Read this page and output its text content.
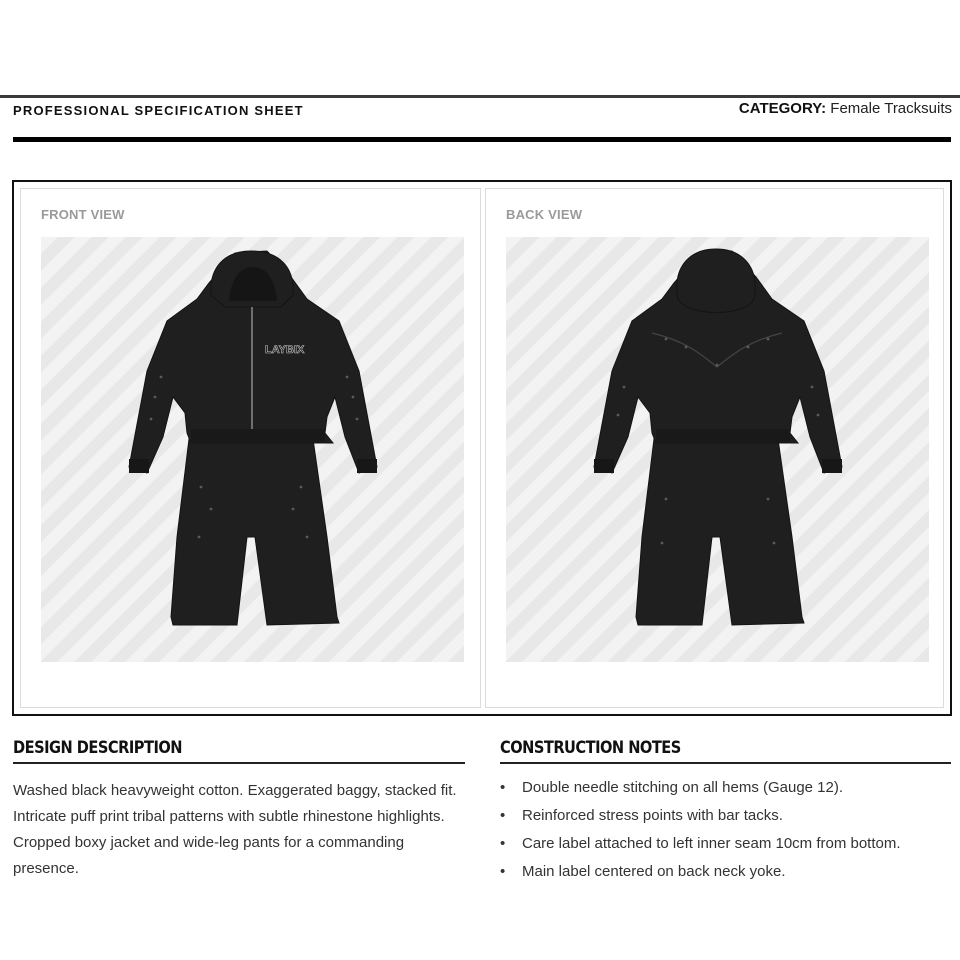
PROFESSIONAL SPECIFICATION SHEET	CATEGORY: Female Tracksuits
FRONT VIEW
LAYBIX
BACK VIEW
DESIGN DESCRIPTION
Washed black heavyweight cotton. Exaggerated baggy, stacked fit. Intricate puff print tribal patterns with subtle rhinestone highlights. Cropped boxy jacket and wide-leg pants for a commanding presence.
CONSTRUCTION NOTES
• Double needle stitching on all hems (Gauge 12).
• Reinforced stress points with bar tacks.
• Care label attached to left inner seam 10cm from bottom.
• Main label centered on back neck yoke.
